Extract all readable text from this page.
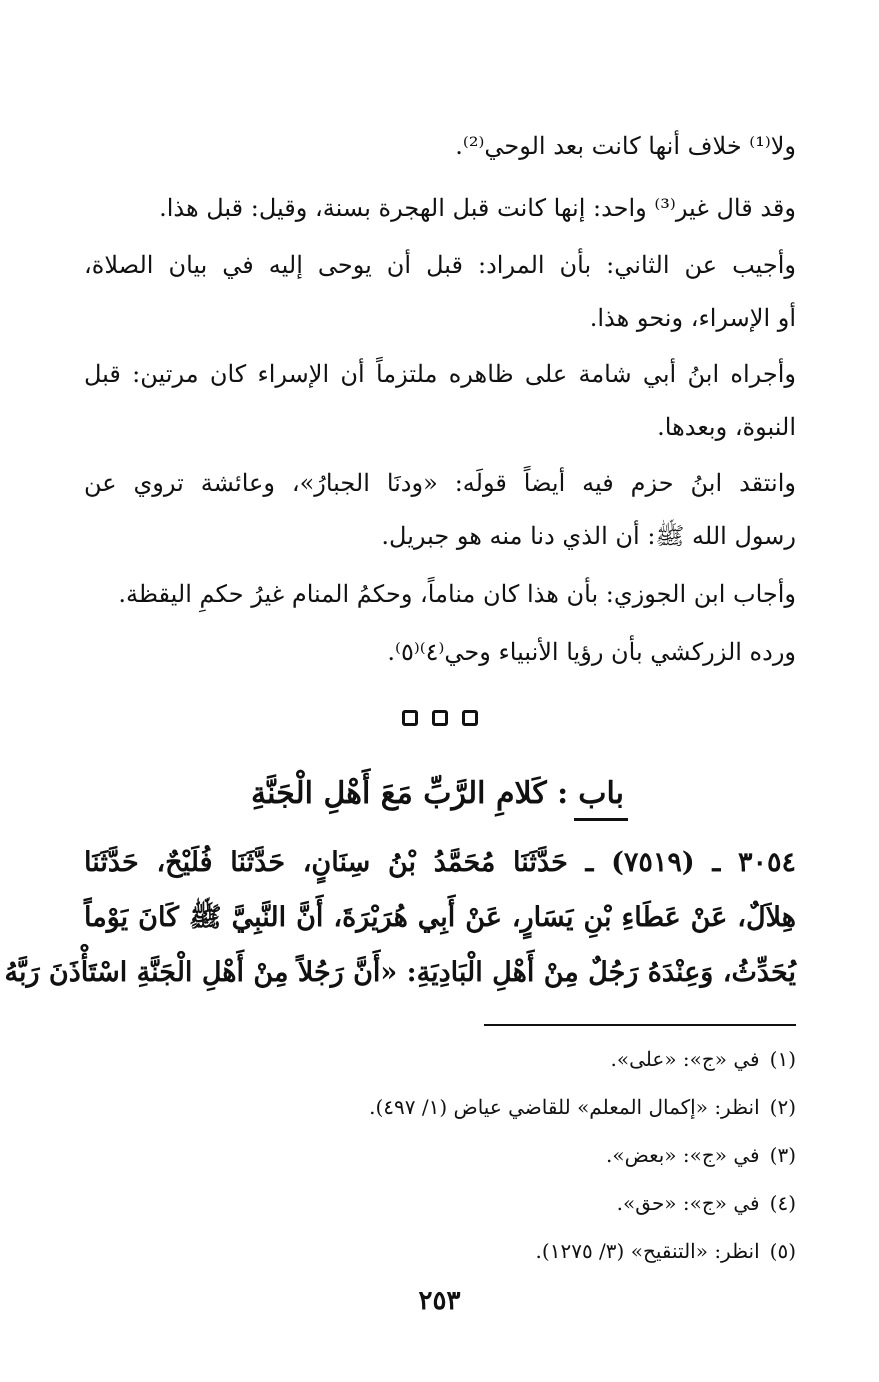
ولا⁽¹⁾ خلاف أنها كانت بعد الوحي⁽²⁾.
وقد قال غير⁽³⁾ واحد: إنها كانت قبل الهجرة بسنة، وقيل: قبل هذا.
وأجيب عن الثاني: بأن المراد: قبل أن يوحى إليه في بيان الصلاة،
أو الإسراء، ونحو هذا.
وأجراه ابنُ أبي شامة على ظاهره ملتزماً أن الإسراء كان مرتين: قبل
النبوة، وبعدها.
وانتقد ابنُ حزم فيه أيضاً قولَه: «ودنَا الجبارُ»، وعائشة تروي عن
رسول الله ﷺ: أن الذي دنا منه هو جبريل.
وأجاب ابن الجوزي: بأن هذا كان مناماً، وحكمُ المنام غيرُ حكمِ اليقظة.
ورده الزركشي بأن رؤيا الأنبياء وحي⁽٤⁾⁽٥⁾.
باب: كَلامِ الرَّبِّ مَعَ أَهْلِ الْجَنَّةِ
٣٠٥٤ ـ (٧٥١٩) ـ حَدَّثَنَا مُحَمَّدُ بْنُ سِنَانٍ، حَدَّثَنَا فُلَيْحٌ، حَدَّثَنَا
هِلاَلٌ، عَنْ عَطَاءِ بْنِ يَسَارٍ، عَنْ أَبِي هُرَيْرَةَ، أَنَّ النَّبِيَّ ﷺ كَانَ يَوْماً
يُحَدِّثُ، وَعِنْدَهُ رَجُلٌ مِنْ أَهْلِ الْبَادِيَةِ: «أَنَّ رَجُلاً مِنْ أَهْلِ الْجَنَّةِ اسْتَأْذَنَ رَبَّهُ
(١)في «ج»: «على».
(٢)انظر: «إكمال المعلم» للقاضي عياض (١/ ٤٩٧).
(٣)في «ج»: «بعض».
(٤)في «ج»: «حق».
(٥)انظر: «التنقيح» (٣/ ١٢٧٥).
٢٥٣
